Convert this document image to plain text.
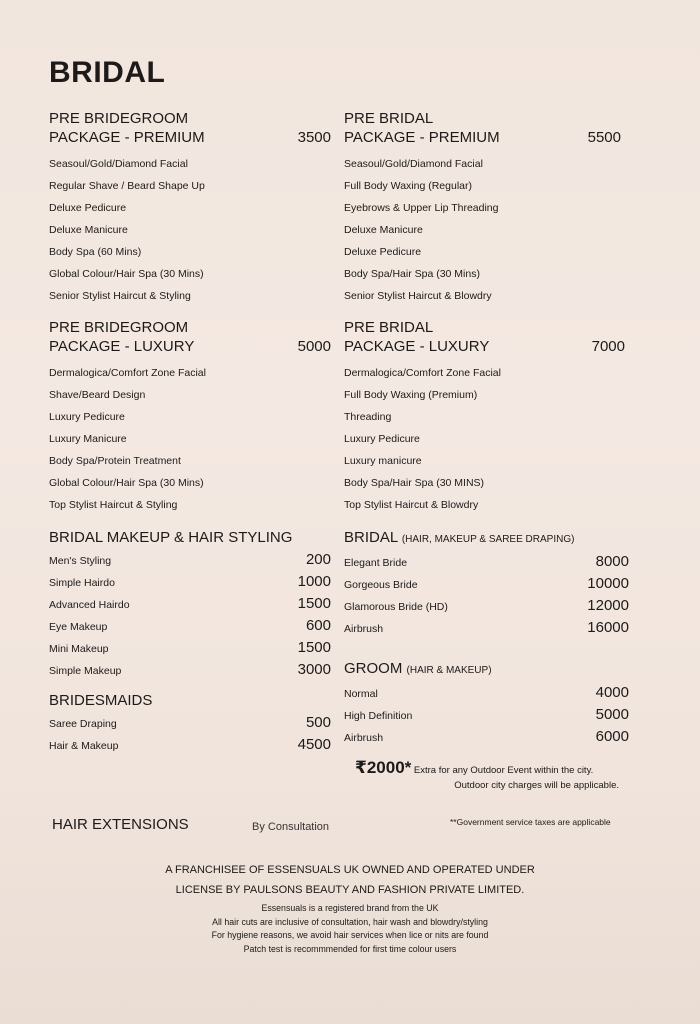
BRIDAL
PRE BRIDEGROOM
PACKAGE - PREMIUM	3500
Seasoul/Gold/Diamond Facial
Regular Shave / Beard Shape Up
Deluxe Pedicure
Deluxe Manicure
Body Spa (60 Mins)
Global Colour/Hair Spa (30 Mins)
Senior Stylist Haircut & Styling
PRE BRIDAL
PACKAGE - PREMIUM	5500
Seasoul/Gold/Diamond Facial
Full Body Waxing (Regular)
Eyebrows & Upper Lip Threading
Deluxe Manicure
Deluxe Pedicure
Body Spa/Hair Spa (30 Mins)
Senior Stylist Haircut & Blowdry
PRE BRIDEGROOM
PACKAGE - LUXURY	5000
Dermalogica/Comfort Zone Facial
Shave/Beard Design
Luxury Pedicure
Luxury Manicure
Body Spa/Protein Treatment
Global Colour/Hair Spa (30 Mins)
Top Stylist Haircut & Styling
PRE BRIDAL
PACKAGE - LUXURY	7000
Dermalogica/Comfort Zone Facial
Full Body Waxing (Premium)
Threading
Luxury Pedicure
Luxury manicure
Body Spa/Hair Spa (30 MINS)
Top Stylist Haircut & Blowdry
BRIDAL MAKEUP & HAIR STYLING
Men's Styling	200
Simple Hairdo	1000
Advanced Hairdo	1500
Eye Makeup	600
Mini Makeup	1500
Simple Makeup	3000
BRIDESMAIDS
Saree Draping	500
Hair & Makeup	4500
BRIDAL (HAIR, MAKEUP & SAREE DRAPING)
Elegant Bride	8000
Gorgeous Bride	10000
Glamorous Bride (HD)	12000
Airbrush	16000
GROOM (HAIR & MAKEUP)
Normal	4000
High Definition	5000
Airbrush	6000
₹2000* Extra for any Outdoor Event within the city.
Outdoor city charges will be applicable.
HAIR EXTENSIONS	By Consultation	**Government service taxes are applicable
A FRANCHISEE OF ESSENSUALS UK OWNED AND OPERATED UNDER
LICENSE BY PAULSONS BEAUTY AND FASHION PRIVATE LIMITED.
Essensuals is a registered brand from the UK
All hair cuts are inclusive of consultation, hair wash and blowdry/styling
For hygiene reasons, we avoid hair services when lice or nits are found
Patch test is recommmended for first time colour users
